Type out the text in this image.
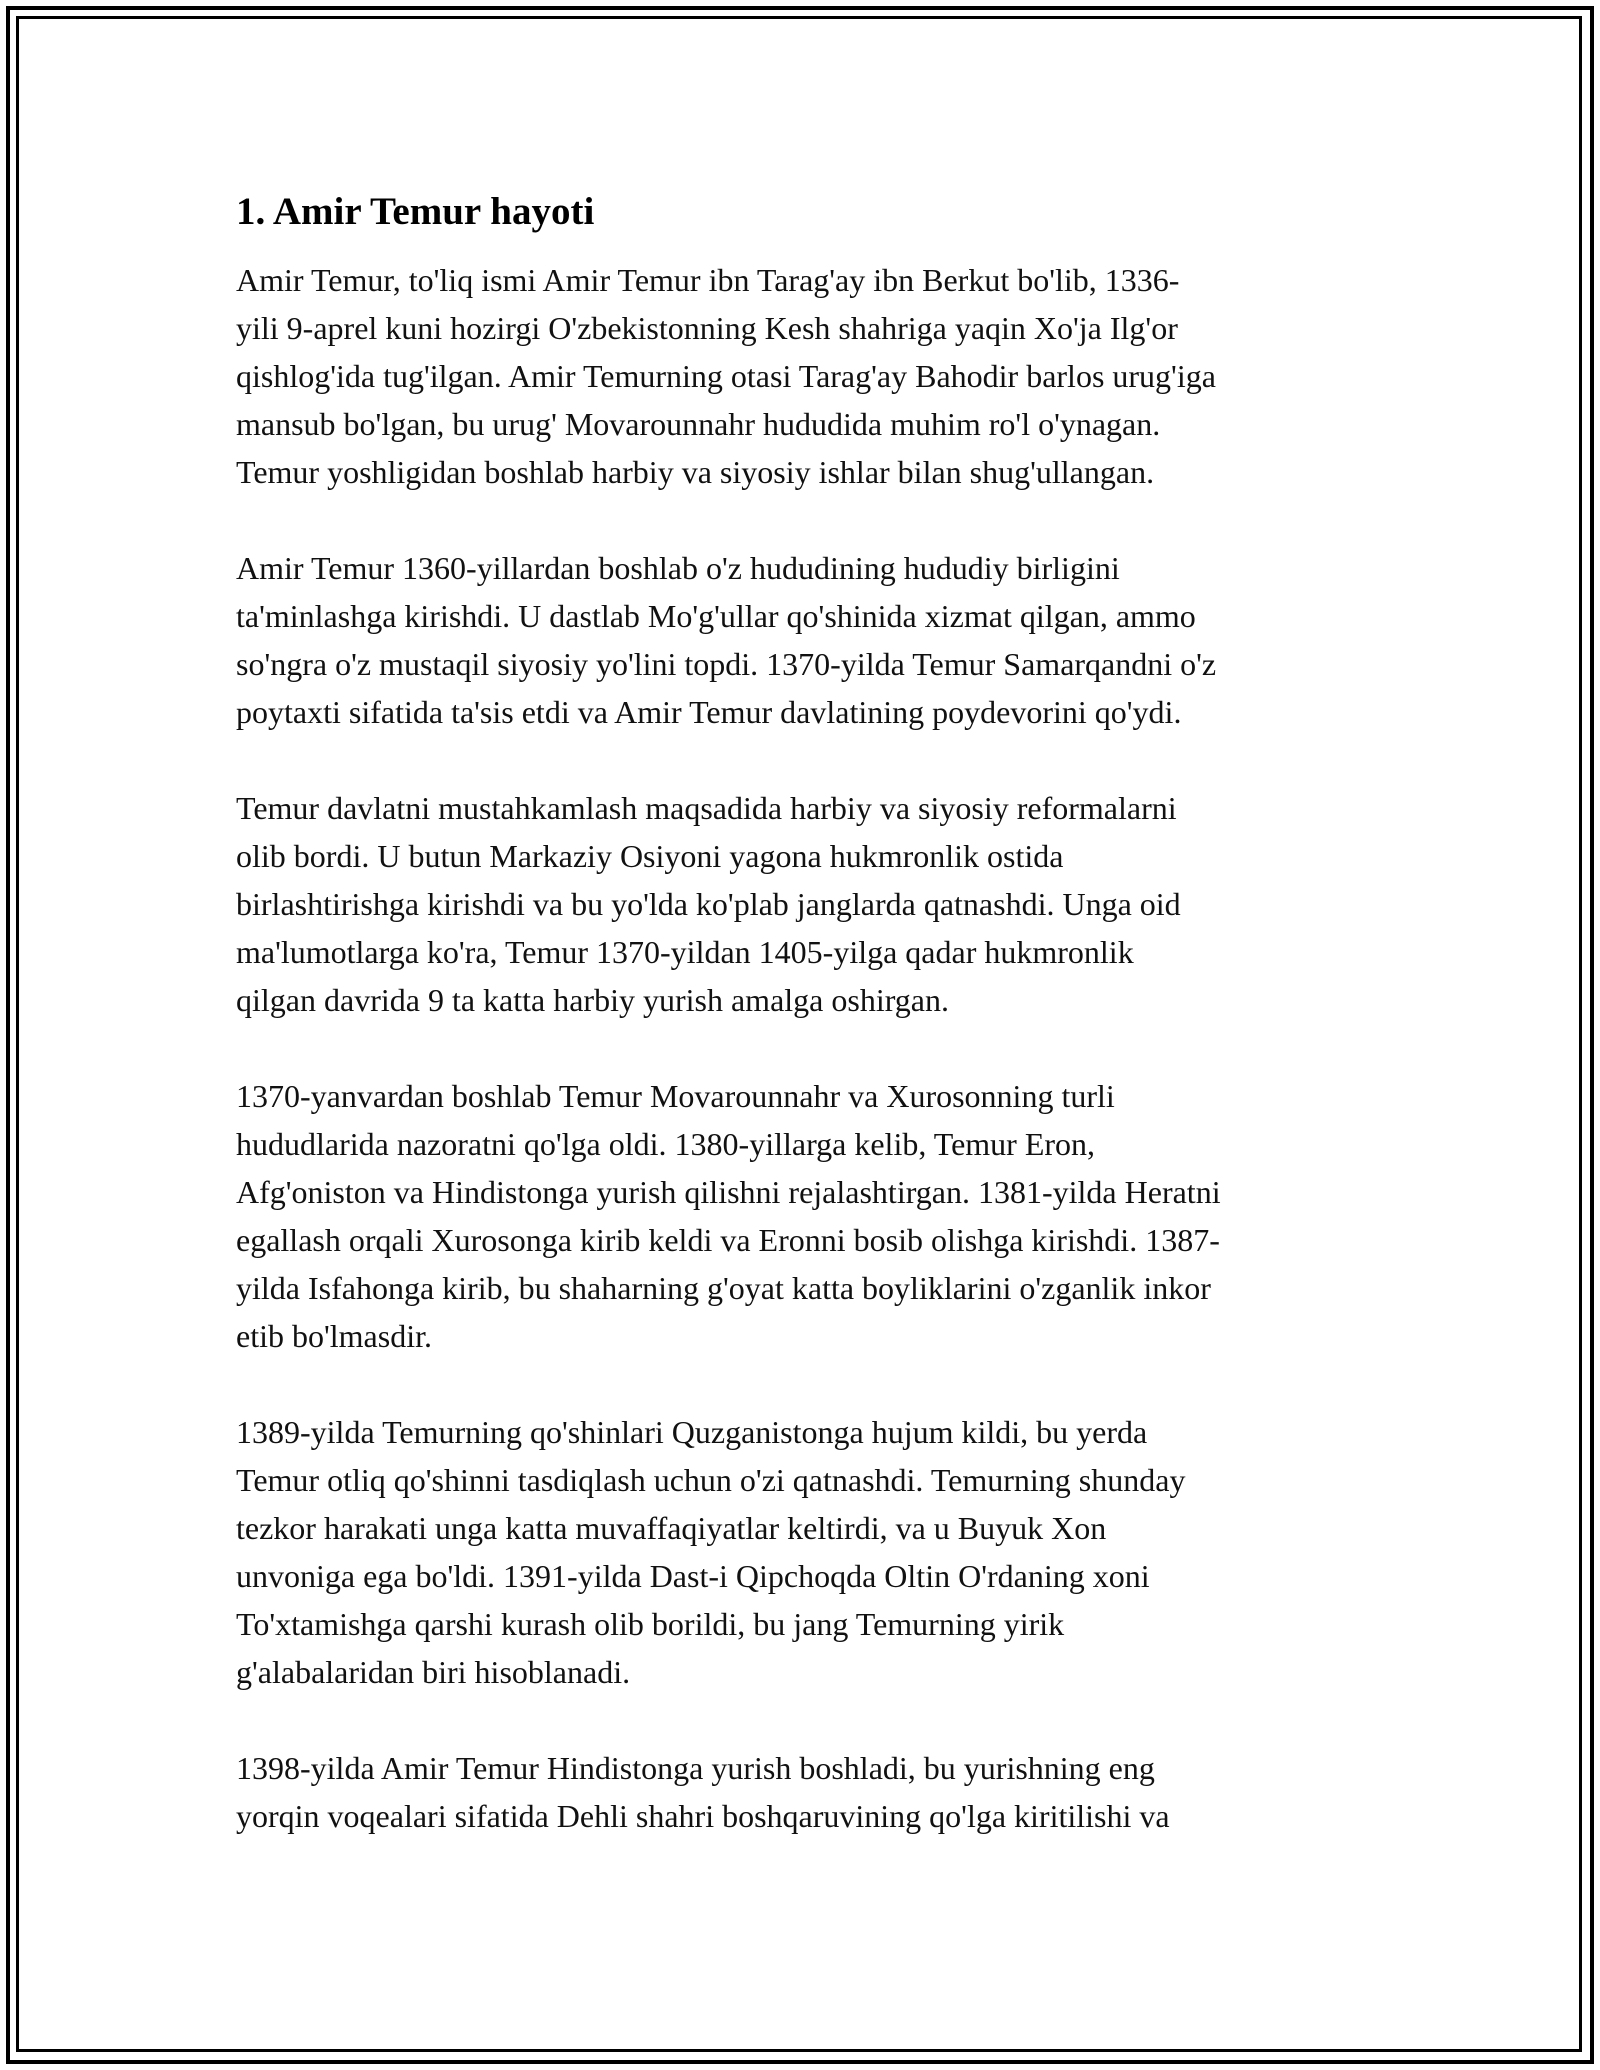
1. Amir Temur hayoti

Amir Temur, to'liq ismi Amir Temur ibn Tarag'ay ibn Berkut bo'lib, 1336-
yili 9-aprel kuni hozirgi O'zbekistonning Kesh shahriga yaqin Xo'ja Ilg'or
qishlog'ida tug'ilgan. Amir Temurning otasi Tarag'ay Bahodir barlos urug'iga
mansub bo'lgan, bu urug' Movarounnahr hududida muhim ro'l o'ynagan.
Temur yoshligidan boshlab harbiy va siyosiy ishlar bilan shug'ullangan.

Amir Temur 1360-yillardan boshlab o'z hududining hududiy birligini
ta'minlashga kirishdi. U dastlab Mo'g'ullar qo'shinida xizmat qilgan, ammo
so'ngra o'z mustaqil siyosiy yo'lini topdi. 1370-yilda Temur Samarqandni o'z
poytaxti sifatida ta'sis etdi va Amir Temur davlatining poydevorini qo'ydi.

Temur davlatni mustahkamlash maqsadida harbiy va siyosiy reformalarni
olib bordi. U butun Markaziy Osiyoni yagona hukmronlik ostida
birlashtirishga kirishdi va bu yo'lda ko'plab janglarda qatnashdi. Unga oid
ma'lumotlarga ko'ra, Temur 1370-yildan 1405-yilga qadar hukmronlik
qilgan davrida 9 ta katta harbiy yurish amalga oshirgan.

1370-yanvardan boshlab Temur Movarounnahr va Xurosonning turli
hududlarida nazoratni qo'lga oldi. 1380-yillarga kelib, Temur Eron,
Afg'oniston va Hindistonga yurish qilishni rejalashtirgan. 1381-yilda Heratni
egallash orqali Xurosonga kirib keldi va Eronni bosib olishga kirishdi. 1387-
yilda Isfahonga kirib, bu shaharning g'oyat katta boyliklarini o'zganlik inkor
etib bo'lmasdir.

1389-yilda Temurning qo'shinlari Quzganistonga hujum kildi, bu yerda
Temur otliq qo'shinni tasdiqlash uchun o'zi qatnashdi. Temurning shunday
tezkor harakati unga katta muvaffaqiyatlar keltirdi, va u Buyuk Xon
unvoniga ega bo'ldi. 1391-yilda Dast-i Qipchoqda Oltin O'rdaning xoni
To'xtamishga qarshi kurash olib borildi, bu jang Temurning yirik
g'alabalaridan biri hisoblanadi.

1398-yilda Amir Temur Hindistonga yurish boshladi, bu yurishning eng
yorqin voqealari sifatida Dehli shahri boshqaruvining qo'lga kiritilishi va
